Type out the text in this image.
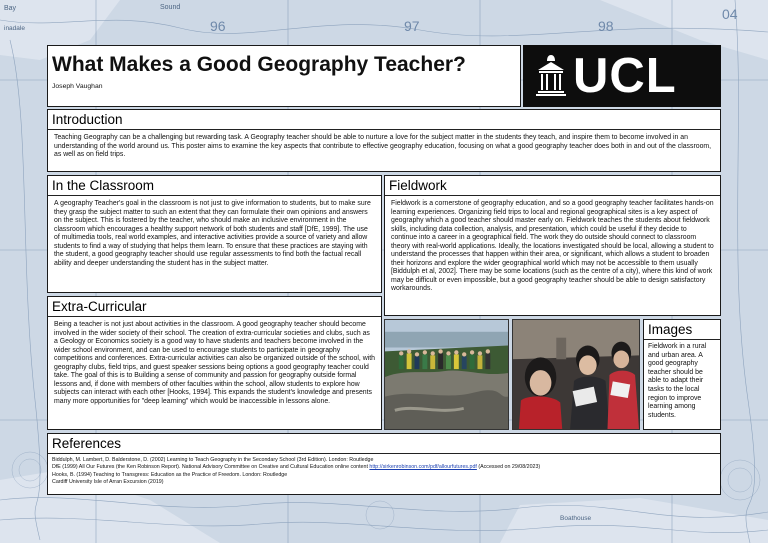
Bay	Sound
inadale	96	97	98
04
Boathouse
What Makes a Good Geography Teacher?
Joseph Vaughan	UCL
Introduction

Teaching Geography can be a challenging but rewarding task. A Geography teacher should be able to nurture a love for the subject matter in the students they teach, and inspire them to become involved in an understanding of the world around us. This poster aims to examine the key aspects that contribute to effective geography education, focusing on what a good geography teacher does both in and out of the classroom, as well as on field trips.

In the Classroom

A geography Teacher's goal in the classroom is not just to give information to students, but to make sure they grasp the subject matter to such an extent that they can formulate their own opinions and answers on the subject. This is fostered by the teacher, who should make an inclusive environment in the classroom which encourages a healthy support network of both students and staff [DfE, 1999]. The use of multimedia tools, real world examples, and interactive activities provide a source of variety and allow students to find a way of studying that helps them learn. To ensure that these practices are staying with the student, a good geography teacher should use regular assessments to find both the factual recall ability and deeper understanding the student has in the subject matter.

Extra-Curricular

Being a teacher is not just about activities in the classroom. A good geography teacher should become involved in the wider society of their school. The creation of extra-curricular societies and clubs, such as a Geology or Economics society is a good way to have students and teachers become involved in the wider school environment, and can be used to encourage students to participate in geography competitions and conferences. Extra-curricular activities can also be organized outside of the school, with geography clubs, field trips, and guest speaker sessions being options a good geography teacher could take. The goal of this is to Building a sense of community and passion for geography outside formal lessons and, if done with members of other faculties within the school, allow students to explore how subjects can interact with each other [Hooks, 1994]. This expands the student's knowledge and presents many more opportunities for "deep learning" which would be inaccessible in lessons alone.

Fieldwork

Fieldwork is a cornerstone of geography education, and so a good geography teacher facilitates hands-on learning experiences. Organizing field trips to local and regional geographical sites is a key aspect of geography which a good teacher should master early on. Fieldwork teaches the students about fieldwork skills, including data collection, analysis, and presentation, which could be useful if they decide to continue into a career in a geographical field. The work they do outside should connect to classroom theory with real-world applications. Ideally, the locations investigated should be local, allowing a student to understand the processes that happen within their area, or significant, which allows a student to broaden their horizons and explore the wider geographical world which may not be accessible to them usually [Biddulph et al, 2002]. There may be some locations (such as the centre of a city), where this kind of work may be difficult or even impossible, but a good geography teacher should be able to design satisfactory workarounds.

Images

Fieldwork in a rural and urban area. A good geography teacher should be able to adapt their tasks to the local region to improve learning among students.

References

Biddulph, M. Lambert, D. Balderstone, D. (2002) Learning to Teach Geography in the Secondary School (3rd Edition). London: Routledge

DfE (1999) All Our Futures (the Ken Robinson Report). National Advisory Committee on Creative and Cultural Education online content http://sirkenrobinson.com/pdf/allourfutures.pdf (Accessed on 29/08/2023)
Hooks, B. (1994) Teaching to Transgress: Education as the Practice of Freedom. London: Routledge
Cardiff University Isle of Arran Excursion (2019)
